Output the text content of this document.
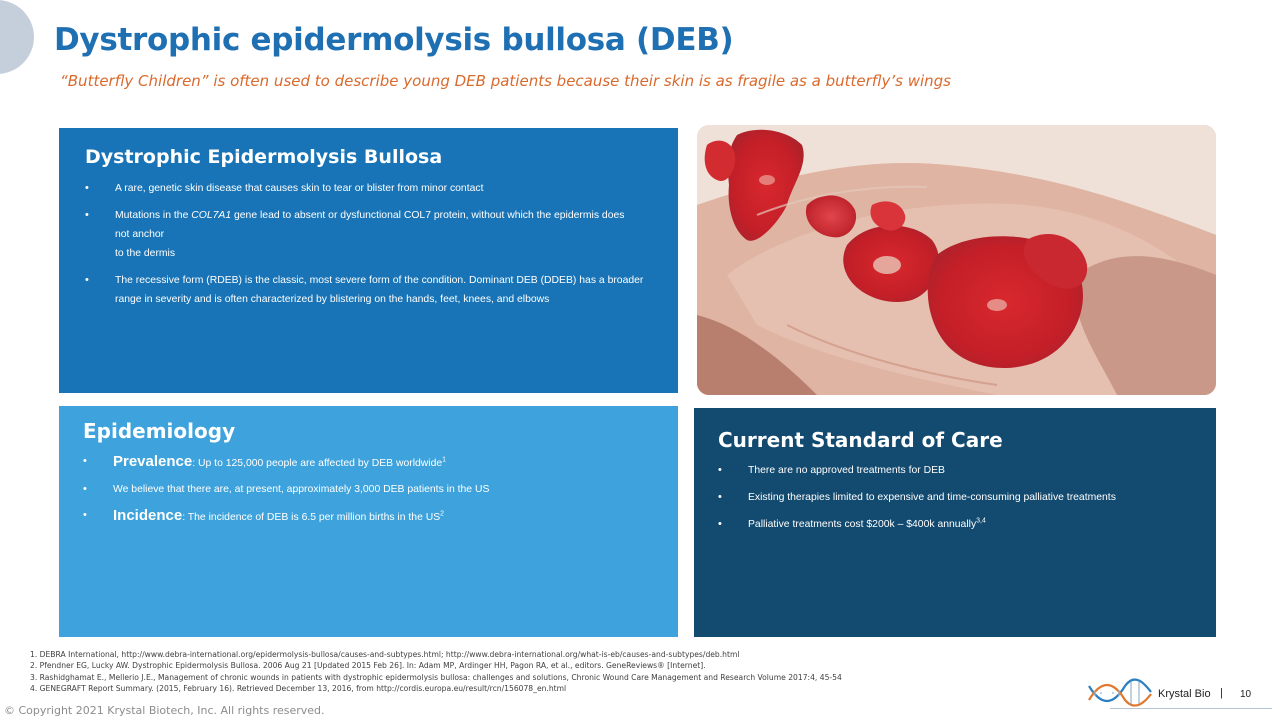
Dystrophic epidermolysis bullosa (DEB)
“Butterfly Children” is often used to describe young DEB patients because their skin is as fragile as a butterfly’s wings
Dystrophic Epidermolysis Bullosa
•	A rare, genetic skin disease that causes skin to tear or blister from minor contact
•	Mutations in the COL7A1 gene lead to absent or dysfunctional COL7 protein, without which the epidermis does
not anchor
to the dermis
•	The recessive form (RDEB) is the classic, most severe form of the condition. Dominant DEB (DDEB) has a broader range in severity and is often characterized by blistering on the hands, feet, knees, and elbows
Epidemiology
• Prevalence: Up to 125,000 people are affected by DEB worldwide$^1$
•	We believe that there are, at present, approximately 3,000 DEB patients in the US
• Incidence: The incidence of DEB is 6.5 per million births in the $US^2$
Current Standard of Care
•	There are no approved treatments for DEB
•	Existing therapies limited to expensive and time-consuming palliative treatments
•	Palliative treatments cost $200k – $400k annually$^{3,4}$
1. DEBRA International, http://www.debra-international.org/epidermolysis-bullosa/causes-and-subtypes.html; http://www.debra-international.org/what-is-eb/causes-and-subtypes/deb.html
2. Pfendner EG, Lucky AW. Dystrophic Epidermolysis Bullosa. 2006 Aug 21 [Updated 2015 Feb 26]. In: Adam MP, Ardinger HH, Pagon RA, et al., editors. GeneReviews® [Internet].
3. Rashidghamat E., Mellerio J.E., Management of chronic wounds in patients with dystrophic epidermolysis bullosa: challenges and solutions, Chronic Wound Care Management and Research Volume 2017:4, 45-54
4. GENEGRAFT Report Summary. (2015, February 16). Retrieved December 13, 2016, from http://cordis.europa.eu/result/rcn/156078_en.html
© Copyright 2021 Krystal Biotech, Inc. All rights reserved.
Krystal Bio | 10
